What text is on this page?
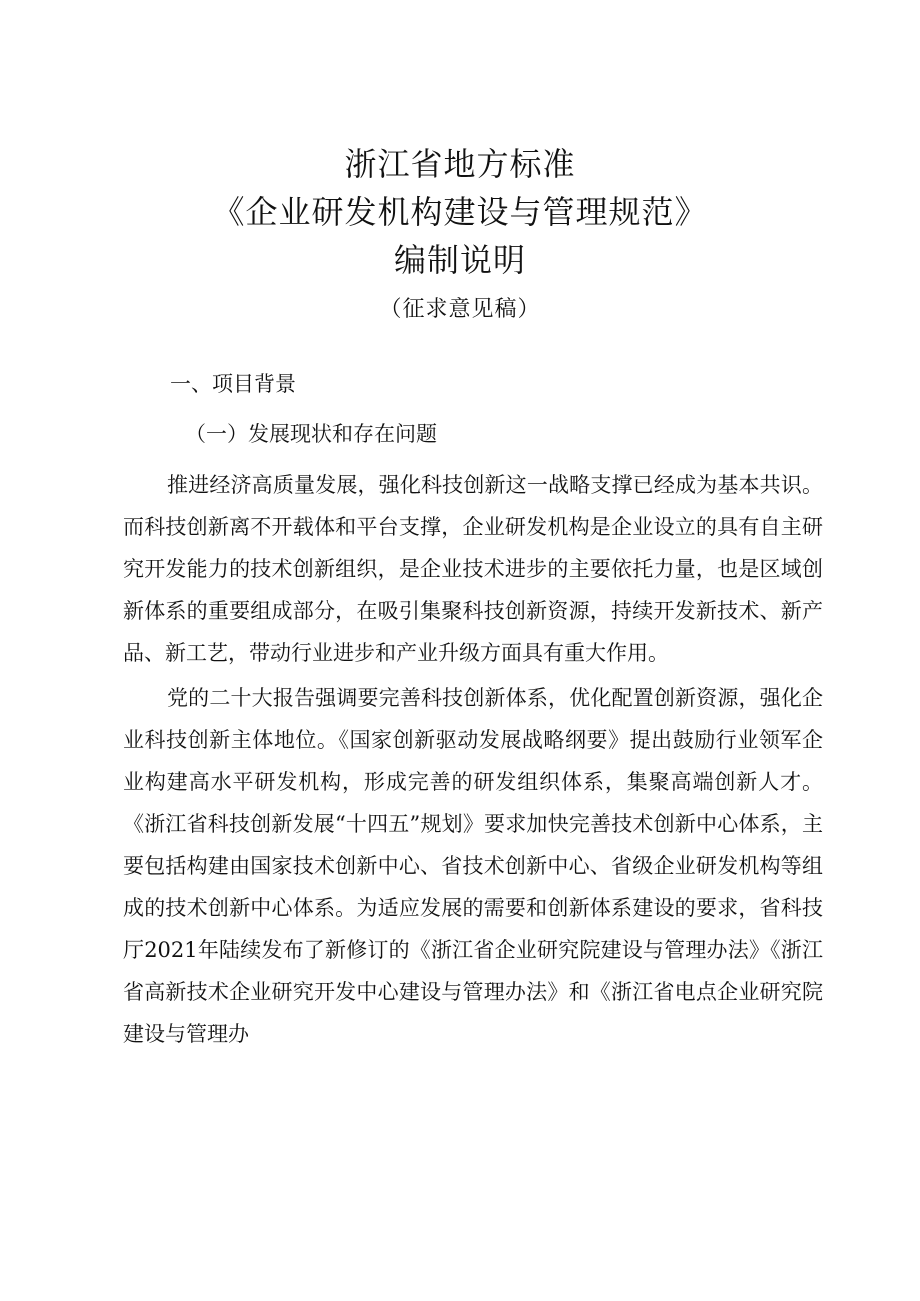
浙江省地方标准
《企业研发机构建设与管理规范》
编制说明
（征求意见稿）

一、项目背景

（一）发展现状和存在问题

推进经济高质量发展，强化科技创新这一战略支撑已经成为基本共识。而科技创新离不开载体和平台支撑，企业研发机构是企业设立的具有自主研究开发能力的技术创新组织，是企业技术进步的主要依托力量，也是区域创新体系的重要组成部分，在吸引集聚科技创新资源，持续开发新技术、新产品、新工艺，带动行业进步和产业升级方面具有重大作用。

党的二十大报告强调要完善科技创新体系，优化配置创新资源，强化企业科技创新主体地位。《国家创新驱动发展战略纲要》提出鼓励行业领军企业构建高水平研发机构，形成完善的研发组织体系，集聚高端创新人才。《浙江省科技创新发展“十四五”规划》要求加快完善技术创新中心体系，主要包括构建由国家技术创新中心、省技术创新中心、省级企业研发机构等组成的技术创新中心体系。为适应发展的需要和创新体系建设的要求，省科技厅2021年陆续发布了新修订的《浙江省企业研究院建设与管理办法》《浙江省高新技术企业研究开发中心建设与管理办法》和《浙江省电点企业研究院建设与管理办
